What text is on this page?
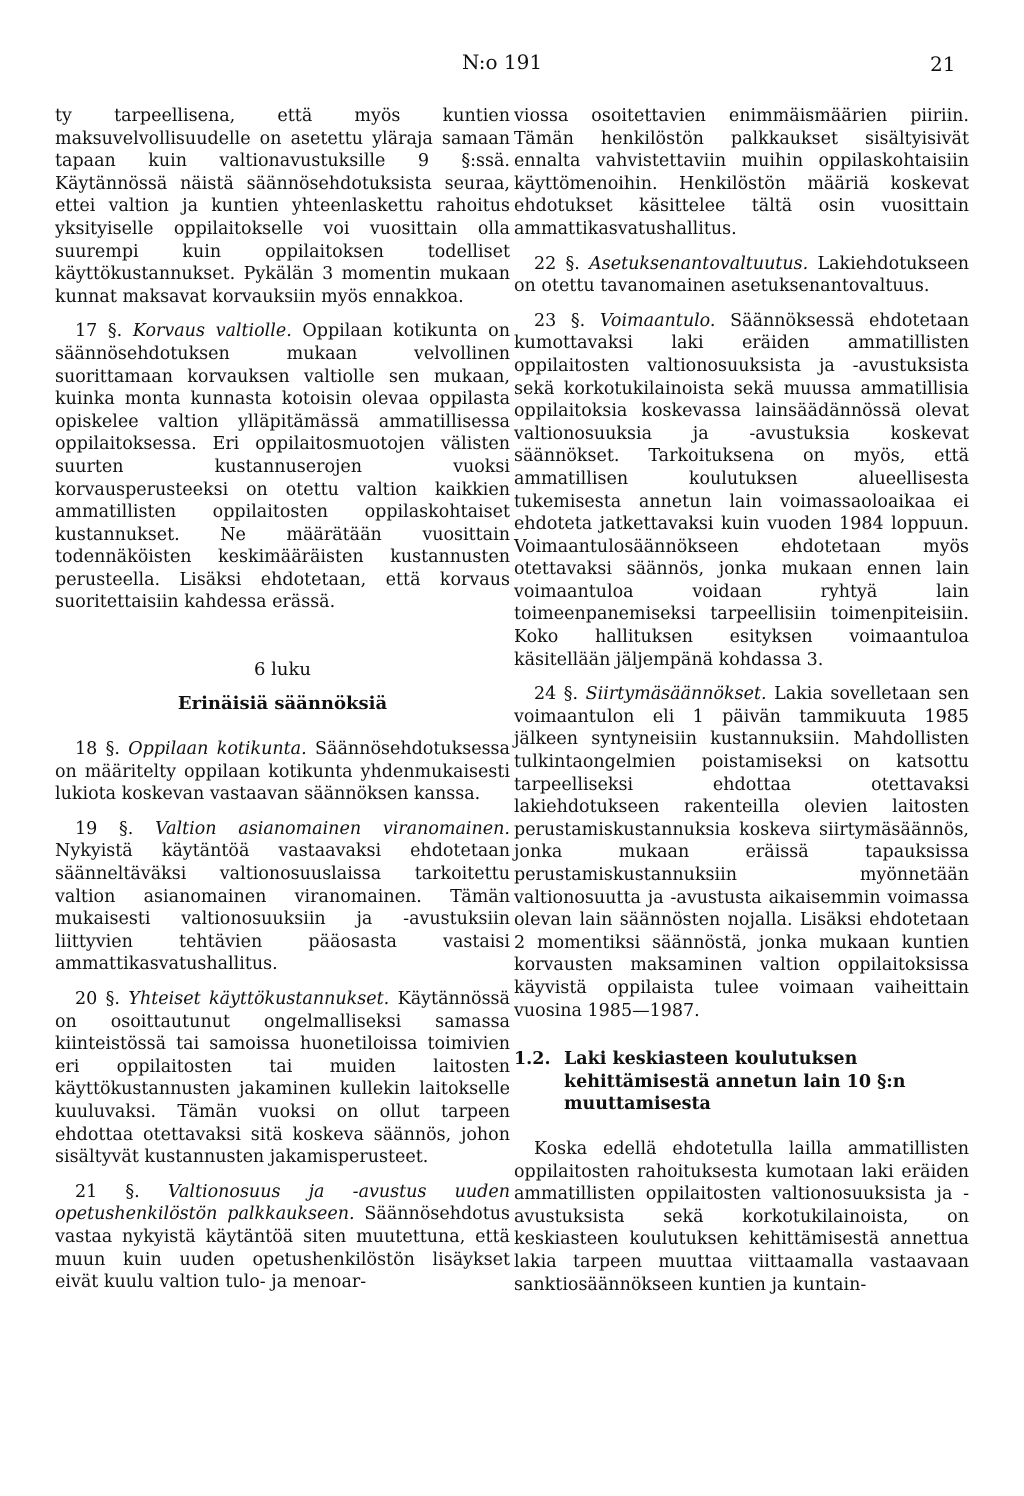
N:o 191	21

ty tarpeellisena, että myös kuntien maksuvelvollisuudelle on asetettu yläraja samaan tapaan kuin valtionavustuksille 9 §:ssä. Käytännössä näistä säännösehdotuksista seuraa, ettei valtion ja kuntien yhteenlaskettu rahoitus yksityiselle oppilaitokselle voi vuosittain olla suurempi kuin oppilaitoksen todelliset käyttökustannukset. Pykälän 3 momentin mukaan kunnat maksavat korvauksiin myös ennakkoa.

17 §. Korvaus valtiolle. Oppilaan kotikunta on säännösehdotuksen mukaan velvollinen suorittamaan korvauksen valtiolle sen mukaan, kuinka monta kunnasta kotoisin olevaa oppilasta opiskelee valtion ylläpitämässä ammatillisessa oppilaitoksessa. Eri oppilaitosmuotojen välisten suurten kustannuserojen vuoksi korvausperusteeksi on otettu valtion kaikkien ammatillisten oppilaitosten oppilaskohtaiset kustannukset. Ne määrätään vuosittain todennäköisten keskimääräisten kustannusten perusteella. Lisäksi ehdotetaan, että korvaus suoritettaisiin kahdessa erässä.

6 luku
Erinäisiä säännöksiä

18 §. Oppilaan kotikunta. Säännösehdotuksessa on määritelty oppilaan kotikunta yhdenmukaisesti lukiota koskevan vastaavan säännöksen kanssa.

19 §. Valtion asianomainen viranomainen. Nykyistä käytäntöä vastaavaksi ehdotetaan säänneltäväksi valtionosuuslaissa tarkoitettu valtion asianomainen viranomainen. Tämän mukaisesti valtionosuuksiin ja -avustuksiin liittyvien tehtävien pääosasta vastaisi ammattikasvatushallitus.

20 §. Yhteiset käyttökustannukset. Käytännössä on osoittautunut ongelmalliseksi samassa kiinteistössä tai samoissa huonetiloissa toimivien eri oppilaitosten tai muiden laitosten käyttökustannusten jakaminen kullekin laitokselle kuuluvaksi. Tämän vuoksi on ollut tarpeen ehdottaa otettavaksi sitä koskeva säännös, johon sisältyvät kustannusten jakamisperusteet.

21 §. Valtionosuus ja -avustus uuden opetushenkilöstön palkkaukseen. Säännösehdotus vastaa nykyistä käytäntöä siten muutettuna, että muun kuin uuden opetushenkilöstön lisäykset eivät kuulu valtion tulo- ja menoar-

viossa osoitettavien enimmäismäärien piiriin. Tämän henkilöstön palkkaukset sisältyisivät ennalta vahvistettaviin muihin oppilaskohtaisiin käyttömenoihin. Henkilöstön määriä koskevat ehdotukset käsittelee tältä osin vuosittain ammattikasvatushallitus.

22 §. Asetuksenantovaltuutus. Lakiehdotukseen on otettu tavanomainen asetuksenantovaltuus.

23 §. Voimaantulo. Säännöksessä ehdotetaan kumottavaksi laki eräiden ammatillisten oppilaitosten valtionosuuksista ja -avustuksista sekä korkotukilainoista sekä muussa ammatillisia oppilaitoksia koskevassa lainsäädännössä olevat valtionosuuksia ja -avustuksia koskevat säännökset. Tarkoituksena on myös, että ammatillisen koulutuksen alueellisesta tukemisesta annetun lain voimassaoloaikaa ei ehdoteta jatkettavaksi kuin vuoden 1984 loppuun. Voimaantulosäännökseen ehdotetaan myös otettavaksi säännös, jonka mukaan ennen lain voimaantuloa voidaan ryhtyä lain toimeenpanemiseksi tarpeellisiin toimenpiteisiin. Koko hallituksen esityksen voimaantuloa käsitellään jäljempänä kohdassa 3.

24 §. Siirtymäsäännökset. Lakia sovelletaan sen voimaantulon eli 1 päivän tammikuuta 1985 jälkeen syntyneisiin kustannuksiin. Mahdollisten tulkintaongelmien poistamiseksi on katsottu tarpeelliseksi ehdottaa otettavaksi lakiehdotukseen rakenteilla olevien laitosten perustamiskustannuksia koskeva siirtymäsäännös, jonka mukaan eräissä tapauksissa perustamiskustannuksiin myönnetään valtionosuutta ja -avustusta aikaisemmin voimassa olevan lain säännösten nojalla. Lisäksi ehdotetaan 2 momentiksi säännöstä, jonka mukaan kuntien korvausten maksaminen valtion oppilaitoksissa käyvistä oppilaista tulee voimaan vaiheittain vuosina 1985—1987.

1.2. Laki keskiasteen koulutuksen kehittämisestä annetun lain 10 §:n muuttamisesta

Koska edellä ehdotetulla lailla ammatillisten oppilaitosten rahoituksesta kumotaan laki eräiden ammatillisten oppilaitosten valtionosuuksista ja -avustuksista sekä korkotukilainoista, on keskiasteen koulutuksen kehittämisestä annettua lakia tarpeen muuttaa viittaamalla vastaavaan sanktiosäännökseen kuntien ja kuntain-
